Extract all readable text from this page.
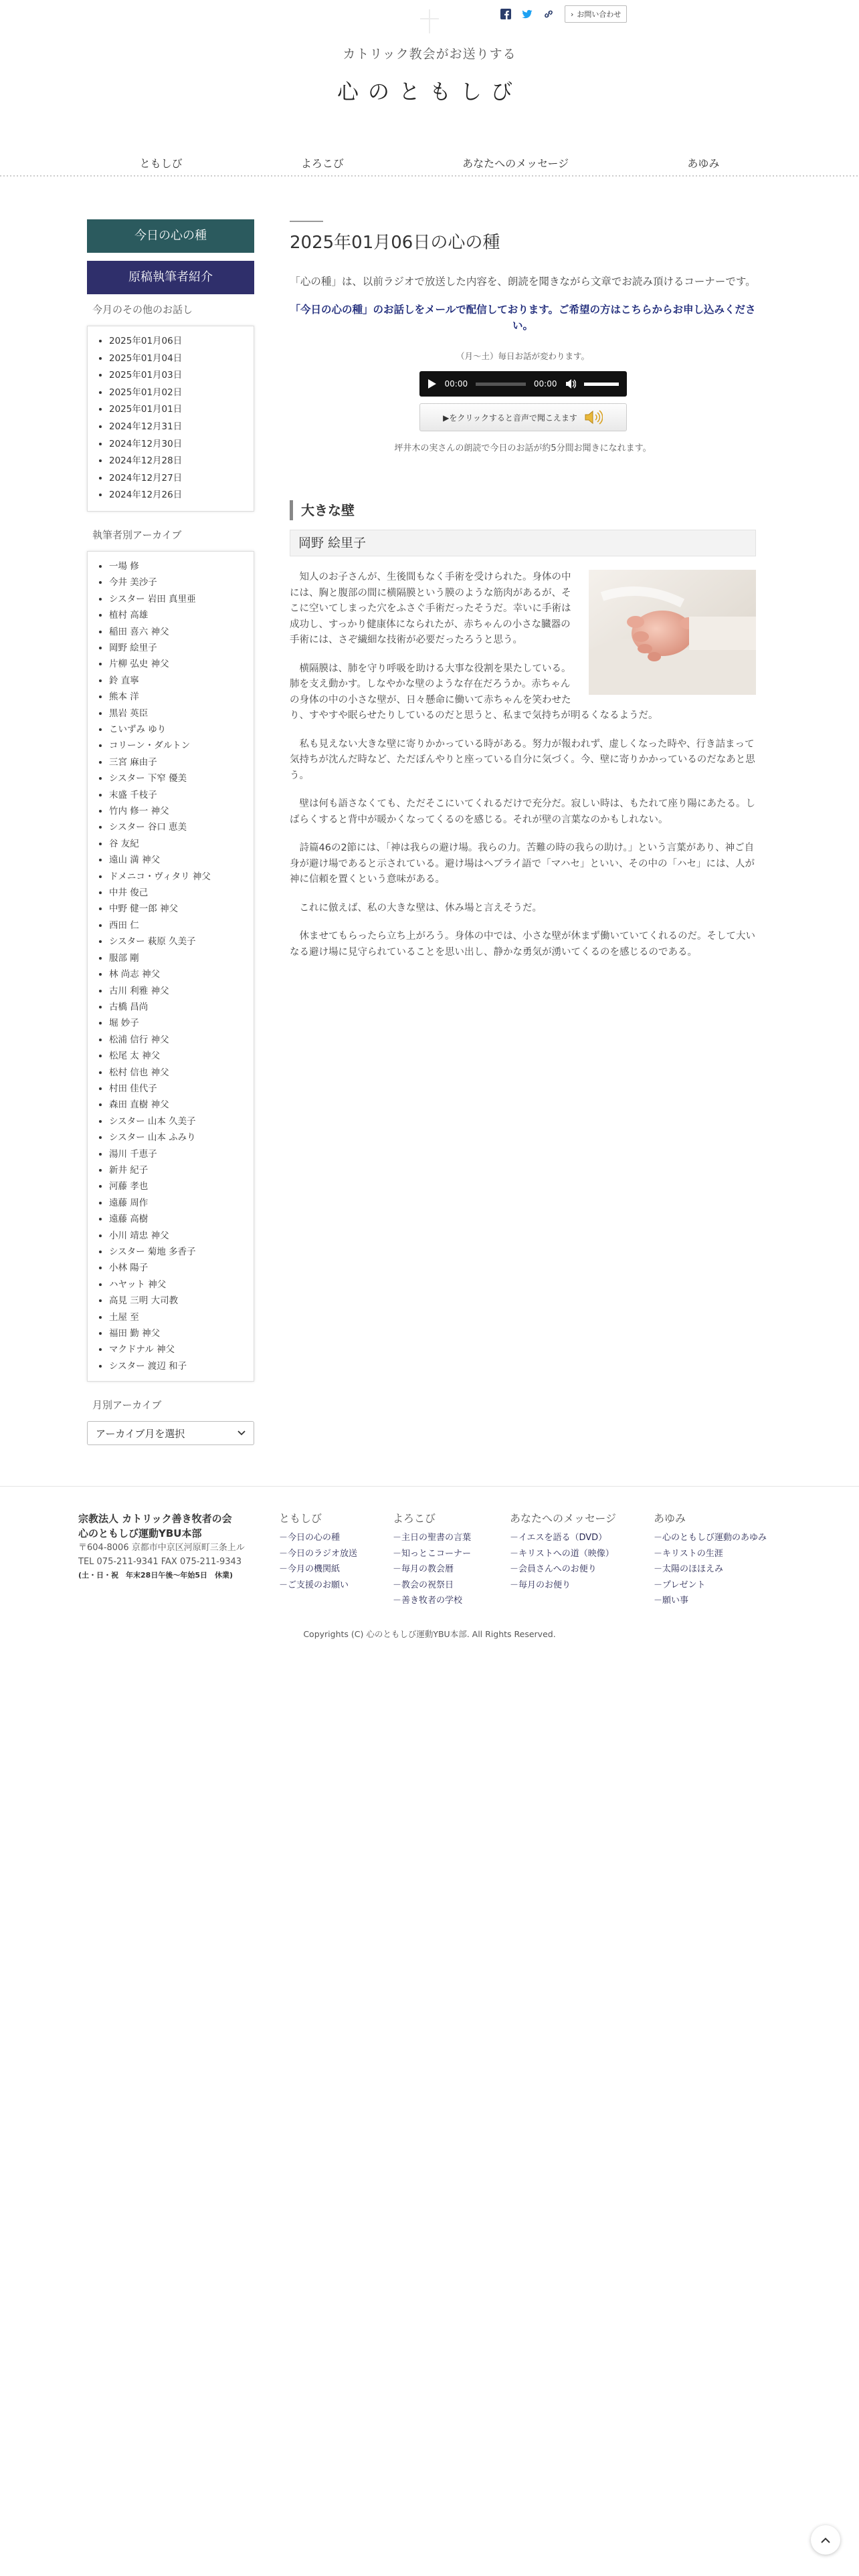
› お問い合わせ
カトリック教会がお送りする
心のともしび
ともしび	よろこび	あなたへのメッセージ	あゆみ
今日の心の種
原稿執筆者紹介
今月のその他のお話し
• 2025年01月06日
• 2025年01月04日
• 2025年01月03日
• 2025年01月02日
• 2025年01月01日
• 2024年12月31日
• 2024年12月30日
• 2024年12月28日
• 2024年12月27日
• 2024年12月26日
執筆者別アーカイブ
• 一場 修
• 今井 美沙子
• シスター 岩田 真里亜
• 植村 高雄
• 稲田 喜六 神父
• 岡野 絵里子
• 片柳 弘史 神父
• 鈴 直寧
• 熊本 洋
• 黒岩 英臣
• こいずみ ゆり
• コリーン・ダルトン
• 三宮 麻由子
• シスター 下窄 優美
• 末盛 千枝子
• 竹内 修一 神父
• シスター 谷口 恵美
• 谷 友紀
• 遠山 満 神父
• ドメニコ・ヴィタリ 神父
• 中井 俊己
• 中野 健一郎 神父
• 西田 仁
• シスター 萩原 久美子
• 服部 剛
• 林 尚志 神父
• 古川 利雅 神父
• 古橋 昌尚
• 堀 妙子
• 松浦 信行 神父
• 松尾 太 神父
• 松村 信也 神父
• 村田 佳代子
• 森田 直樹 神父
• シスター 山本 久美子
• シスター 山本 ふみり
• 湯川 千恵子
• 新井 紀子
• 河藤 孝也
• 遠藤 周作
• 遠藤 高樹
• 小川 靖忠 神父
• シスター 菊地 多香子
• 小林 陽子
• ハヤット 神父
• 高見 三明 大司教
• 土屋 至
• 福田 勤 神父
• マクドナル 神父
• シスター 渡辺 和子
月別アーカイブ
アーカイブ月を選択
2025年01月06日の心の種

「心の種」は、以前ラジオで放送した内容を、朗読を聞きながら文章でお読み頂けるコーナーです。

「今日の心の種」のお話しをメールで配信しております。ご希望の方はこちらからお申し込みください。

（月～土）毎日お話が変わります。

00:00	00:00
▶をクリックすると音声で聞こえます

坪井木の実さんの朗読で今日のお話が約5分間お聞きになれます。

大きな壁
岡野 絵里子

知人のお子さんが、生後間もなく手術を受けられた。身体の中には、胸と腹部の間に横隔膜という膜のような筋肉があるが、そこに空いてしまった穴をふさぐ手術だったそうだ。幸いに手術は成功し、すっかり健康体になられたが、赤ちゃんの小さな臓器の手術には、さぞ繊細な技術が必要だったろうと思う。

横隔膜は、肺を守り呼吸を助ける大事な役割を果たしている。肺を支え動かす。しなやかな壁のような存在だろうか。赤ちゃんの身体の中の小さな壁が、日々懸命に働いて赤ちゃんを笑わせたり、すやすや眠らせたりしているのだと思うと、私まで気持ちが明るくなるようだ。

私も見えない大きな壁に寄りかかっている時がある。努力が報われず、虚しくなった時や、行き詰まって気持ちが沈んだ時など、ただぼんやりと座っている自分に気づく。今、壁に寄りかかっているのだなあと思う。

壁は何も語さなくても、ただそこにいてくれるだけで充分だ。寂しい時は、もたれて座り陽にあたる。しばらくすると背中が暖かくなってくるのを感じる。それが壁の言葉なのかもしれない。

詩篇46の2節には、「神は我らの避け場。我らの力。苦難の時の我らの助け。」という言葉があり、神ご自身が避け場であると示されている。避け場はヘブライ語で「マハセ」といい、その中の「ハセ」には、人が神に信頼を置くという意味がある。

これに倣えば、私の大きな壁は、休み場と言えそうだ。

休ませてもらったら立ち上がろう。身体の中では、小さな壁が休まず働いていてくれるのだ。そして大いなる避け場に見守られていることを思い出し、静かな勇気が湧いてくるのを感じるのである。

宗教法人 カトリック善き牧者の会
心のともしび運動YBU本部
〒604-8006 京都市中京区河原町三条上ル
TEL 075-211-9341 FAX 075-211-9343
(土・日・祝　年末28日午後～年始5日　休業)
ともしび
－今日の心の種
－今日のラジオ放送
－今月の機関紙
－ご支援のお願い
よろこび
－主日の聖書の言葉
－知っとこコーナー
－毎月の教会暦
－教会の祝祭日
－善き牧者の学校
あなたへのメッセージ
－イエスを語る（DVD）
－キリストへの道（映像）
－会員さんへのお便り
－毎月のお便り
あゆみ
－心のともしび運動のあゆみ
－キリストの生涯
－太陽のほほえみ
－プレゼント
－願い事
Copyrights (C) 心のともしび運動YBU本部. All Rights Reserved.
